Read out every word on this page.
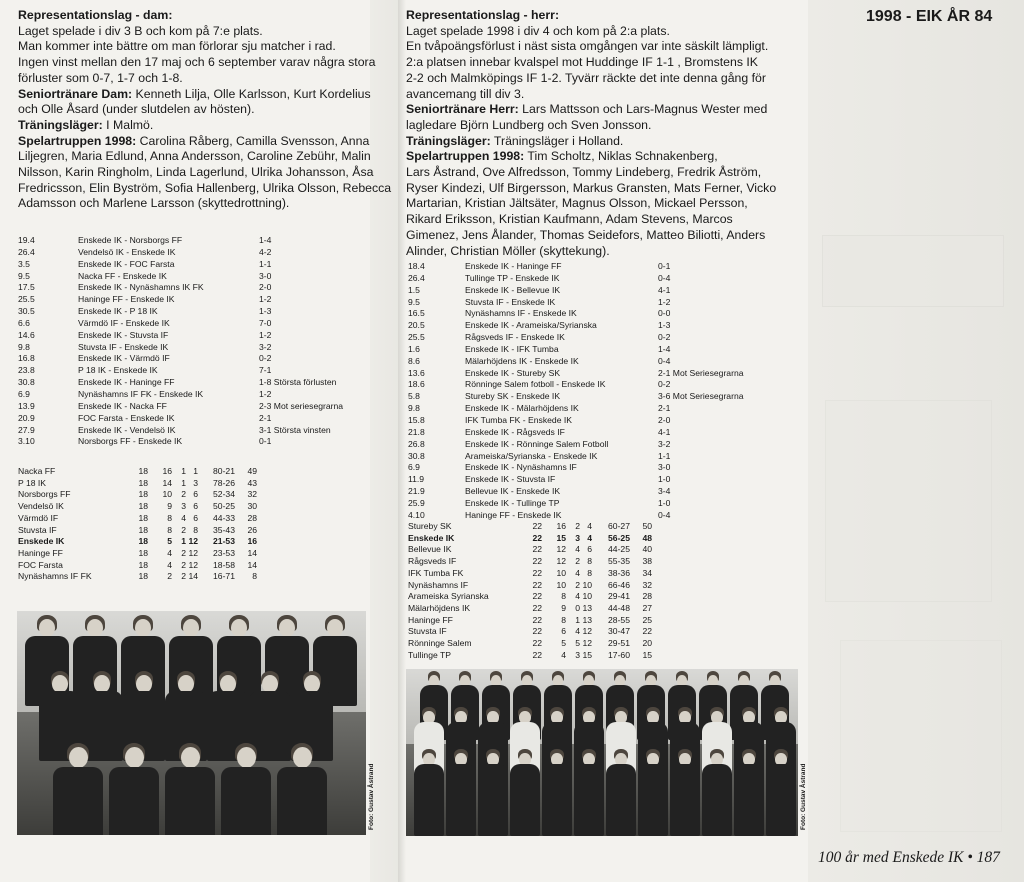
1998 - EIK ÅR 84

Representationslag - dam:

Laget spelade i div 3 B och kom på 7:e plats.

Man kommer inte bättre om man förlorar sju matcher i rad.

Ingen vinst mellan den 17 maj och 6 september varav några stora

förluster som 0-7, 1-7 och 1-8.

Seniortränare Dam: Kenneth Lilja, Olle Karlsson, Kurt Kordelius

och Olle Åsard (under slutdelen av hösten).

Träningsläger: I Malmö.

Spelartruppen 1998: Carolina Råberg, Camilla Svensson, Anna

Liljegren, Maria Edlund, Anna Andersson, Caroline Zebühr, Malin

Nilsson, Karin Ringholm, Linda Lagerlund, Ulrika Johansson, Åsa

Fredricsson, Elin Byström, Sofia Hallenberg, Ulrika Olsson, Rebecca

Adamsson och Marlene Larsson (skyttedrottning).

19.4	Enskede IK - Norsborgs FF	1-4
26.4	Vendelsö IK - Enskede IK	4-2
3.5	Enskede IK - FOC Farsta	1-1
9.5	Nacka FF - Enskede IK	3-0
17.5	Enskede IK - Nynäshamns IK FK	2-0
25.5	Haninge FF - Enskede IK	1-2
30.5	Enskede IK - P 18 IK	1-3
6.6	Värmdö IF - Enskede IK	7-0
14.6	Enskede IK - Stuvsta IF	1-2
9.8	Stuvsta IF - Enskede IK	3-2
16.8	Enskede IK - Värmdö IF	0-2
23.8	P 18 IK - Enskede IK	7-1
30.8	Enskede IK - Haninge FF	1-8 Största förlusten
6.9	Nynäshamns IF FK - Enskede IK	1-2
13.9	Enskede IK - Nacka FF	2-3 Mot seriesegrarna
20.9	FOC Farsta - Enskede IK	2-1
27.9	Enskede IK - Vendelsö IK	3-1 Största vinsten
3.10	Norsborgs FF - Enskede IK	0-1
Nacka FF	18	16	1 1	80-21	49
P 18 IK	18	14	1 3	78-26	43
Norsborgs FF	18	10	2 6	52-34	32
Vendelsö IK	18	9	3 6	50-25	30
Värmdö IF	18	8	4 6	44-33	28
Stuvsta IF	18	8	2 8	35-43	26
Enskede IK	18	5	1 12	21-53	16
Haninge FF	18	4	2 12	23-53	14
FOC Farsta	18	4	2 12	18-58	14
Nynäshamns IF FK	18	2	2 14	16-71	8
Foto: Gustav Åstrand

Representationslag - herr:

Laget spelade 1998 i div 4 och kom på 2:a plats.

En tvåpoängsförlust i näst sista omgången var inte säskilt lämpligt.

2:a platsen innebar kvalspel mot Huddinge IF 1-1 , Bromstens IK

2-2 och Malmköpings IF 1-2. Tyvärr räckte det inte denna gång för

avancemang till div 3.

Seniortränare Herr: Lars Mattsson och Lars-Magnus Wester med

lagledare Björn Lundberg och Sven Jonsson.

Träningsläger: Träningsläger i Holland.

Spelartruppen 1998: Tim Scholtz, Niklas Schnakenberg,

Lars Åstrand, Ove Alfredsson, Tommy Lindeberg, Fredrik Åström,

Ryser Kindezi, Ulf Birgersson, Markus Gransten, Mats Ferner, Vicko

Martarian, Kristian Jältsäter, Magnus Olsson, Mickael Persson,

Rikard Eriksson, Kristian Kaufmann, Adam Stevens, Marcos

Gimenez, Jens Ålander, Thomas Seidefors, Matteo Biliotti, Anders

Alinder, Christian Möller (skyttekung).

18.4	Enskede IK - Haninge FF	0-1
26.4	Tullinge TP - Enskede IK	0-4
1.5	Enskede IK - Bellevue IK	4-1
9.5	Stuvsta IF - Enskede IK	1-2
16.5	Nynäshamns IF - Enskede IK	0-0
20.5	Enskede IK - Arameiska/Syrianska	1-3
25.5	Rågsveds IF - Enskede IK	0-2
1.6	Enskede IK - IFK Tumba	1-4
8.6	Mälarhöjdens IK - Enskede IK	0-4
13.6	Enskede IK - Stureby SK	2-1 Mot Seriesegrarna
18.6	Rönninge Salem fotboll - Enskede IK	0-2
5.8	Stureby SK - Enskede IK	3-6 Mot Seriesegrarna
9.8	Enskede IK - Mälarhöjdens IK	2-1
15.8	IFK Tumba FK - Enskede IK	2-0
21.8	Enskede IK - Rågsveds IF	4-1
26.8	Enskede IK - Rönninge Salem Fotboll	3-2
30.8	Arameiska/Syrianska - Enskede IK	1-1
6.9	Enskede IK - Nynäshamns IF	3-0
11.9	Enskede IK - Stuvsta IF	1-0
21.9	Bellevue IK - Enskede IK	3-4
25.9	Enskede IK - Tullinge TP	1-0
4.10	Haninge FF - Enskede IK	0-4
Stureby SK	22	16	2 4	60-27	50
Enskede IK	22	15	3 4	56-25	48
Bellevue IK	22	12	4 6	44-25	40
Rågsveds IF	22	12	2 8	55-35	38
IFK Tumba FK	22	10	4 8	38-36	34
Nynäshamns IF	22	10	2 10	66-46	32
Arameiska Syrianska	22	8	4 10	29-41	28
Mälarhöjdens IK	22	9	0 13	44-48	27
Haninge FF	22	8	1 13	28-55	25
Stuvsta IF	22	6	4 12	30-47	22
Rönninge Salem	22	5	5 12	29-51	20
Tullinge TP	22	4	3 15	17-60	15
Foto: Gustav Åstrand
100 år med Enskede IK • 187
